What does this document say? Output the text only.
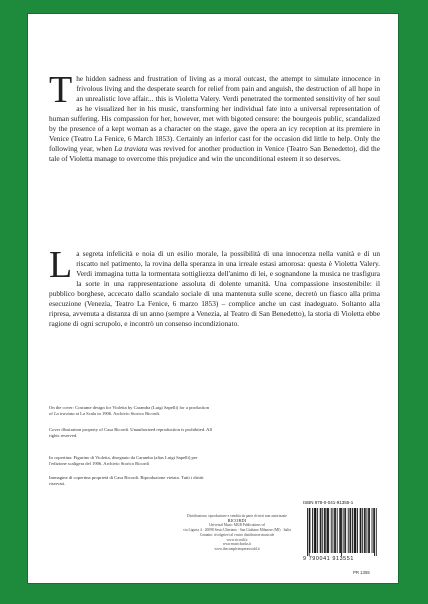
The hidden sadness and frustration of living as a moral outcast, the attempt to simulate innocence in frivolous living and the desperate search for relief from pain and anguish, the destruction of all hope in an unrealistic love affair... this is Violetta Valery. Verdi penetrated the tormented sensitivity of her soul as he visualized her in his music, transforming her individual fate into a universal representation of human suffering. His compassion for her, however, met with bigoted censure: the bourgeois public, scandalized by the presence of a kept woman as a character on the stage, gave the opera an icy reception at its premiere in Venice (Teatro La Fenice, 6 March 1853). Certainly an inferior cast for the occasion did little to help. Only the following year, when La traviata was revived for another production in Venice (Teatro San Benedetto), did the tale of Violetta manage to overcome this prejudice and win the unconditional esteem it so deserves.

La segreta infelicità e noia di un esilio morale, la possibilità di una innocenza nella vanità e di un riscatto nel patimento, la rovina della speranza in una irreale estasi amorosa: questa è Violetta Valery. Verdi immagina tutta la tormentata sottigliezza dell'animo di lei, e sognandone la musica ne trasfigura la sorte in una rappresentazione assoluta di dolente umanità. Una compassione insostenibile: il pubblico borghese, accecato dallo scandalo sociale di una mantenuta sulle scene, decretò un fiasco alla prima esecuzione (Venezia, Teatro La Fenice, 6 marzo 1853) – complice anche un cast inadeguato. Soltanto alla ripresa, avvenuta a distanza di un anno (sempre a Venezia, al Teatro di San Benedetto), la storia di Violetta ebbe ragione di ogni scrupolo, e incontrò un consenso incondizionato.

On the cover: Costume design for Violetta by Caramba (Luigi Sapelli) for a production of La traviata at La Scala in 1906. Archivio Storico Ricordi.

Cover illustration property of Casa Ricordi. Unauthorized reproduction is prohibited. All rights reserved.

In copertina: Figurino di Violetta, disegnato da Caramba (alias Luigi Sapelli) per l'edizione scaligera del 1906. Archivio Storico Ricordi

Immagine di copertina proprietà di Casa Ricordi. Riproduzione vietata. Tutti i diritti riservati.

Distribuzione, riproduzione e vendita da parte di terzi non autorizzate
RICORDI
Universal Music MGB Publications srl
via Liguria 4 · 20098 Sesto Ulteriano · San Giuliano Milanese (MI) · Italia
Contatto: rivolgetevi al vostro distributore musicale
www.ricordi.it
www.musicbooks.it
www.thecompleteoperaworld.it
ISBN 978-0-041-91355-1
9 790041 913551
PR 1355
